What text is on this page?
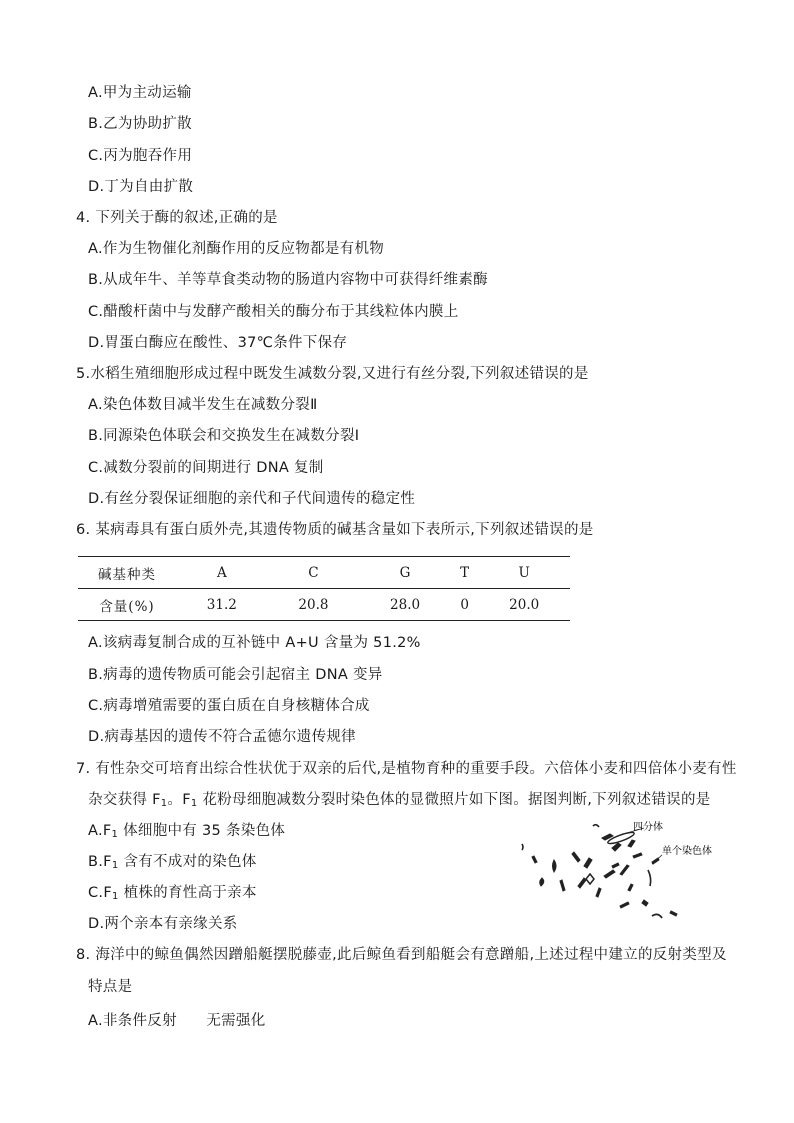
A.甲为主动运输
B.乙为协助扩散
C.丙为胞吞作用
D.丁为自由扩散
4. 下列关于酶的叙述,正确的是
A.作为生物催化剂酶作用的反应物都是有机物
B.从成年牛、羊等草食类动物的肠道内容物中可获得纤维素酶
C.醋酸杆菌中与发酵产酸相关的酶分布于其线粒体内膜上
D.胃蛋白酶应在酸性、37℃条件下保存
5.水稻生殖细胞形成过程中既发生减数分裂,又进行有丝分裂,下列叙述错误的是
A.染色体数目减半发生在减数分裂Ⅱ
B.同源染色体联会和交换发生在减数分裂Ⅰ
C.减数分裂前的间期进行 DNA 复制
D.有丝分裂保证细胞的亲代和子代间遗传的稳定性
6. 某病毒具有蛋白质外壳,其遗传物质的碱基含量如下表所示,下列叙述错误的是
碱基种类	A	C	G	T	U
含量(%)	31.2	20.8	28.0	0	20.0
A.该病毒复制合成的互补链中 A+U 含量为 51.2%
B.病毒的遗传物质可能会引起宿主 DNA 变异
C.病毒增殖需要的蛋白质在自身核糖体合成
D.病毒基因的遗传不符合孟德尔遗传规律
7. 有性杂交可培育出综合性状优于双亲的后代,是植物育种的重要手段。六倍体小麦和四倍体小麦有性
杂交获得 $F_1$。$F_1$ 花粉母细胞减数分裂时染色体的显微照片如下图。据图判断,下列叙述错误的是
$A.F_1$ 体细胞中有 35 条染色体
$B.F_1$ 含有不成对的染色体
$C.F_1$ 植株的育性高于亲本
D.两个亲本有亲缘关系
四分体
单个染色体
8. 海洋中的鲸鱼偶然因蹭船艇摆脱藤壶,此后鲸鱼看到船艇会有意蹭船,上述过程中建立的反射类型及
特点是
A.非条件反射      无需强化
